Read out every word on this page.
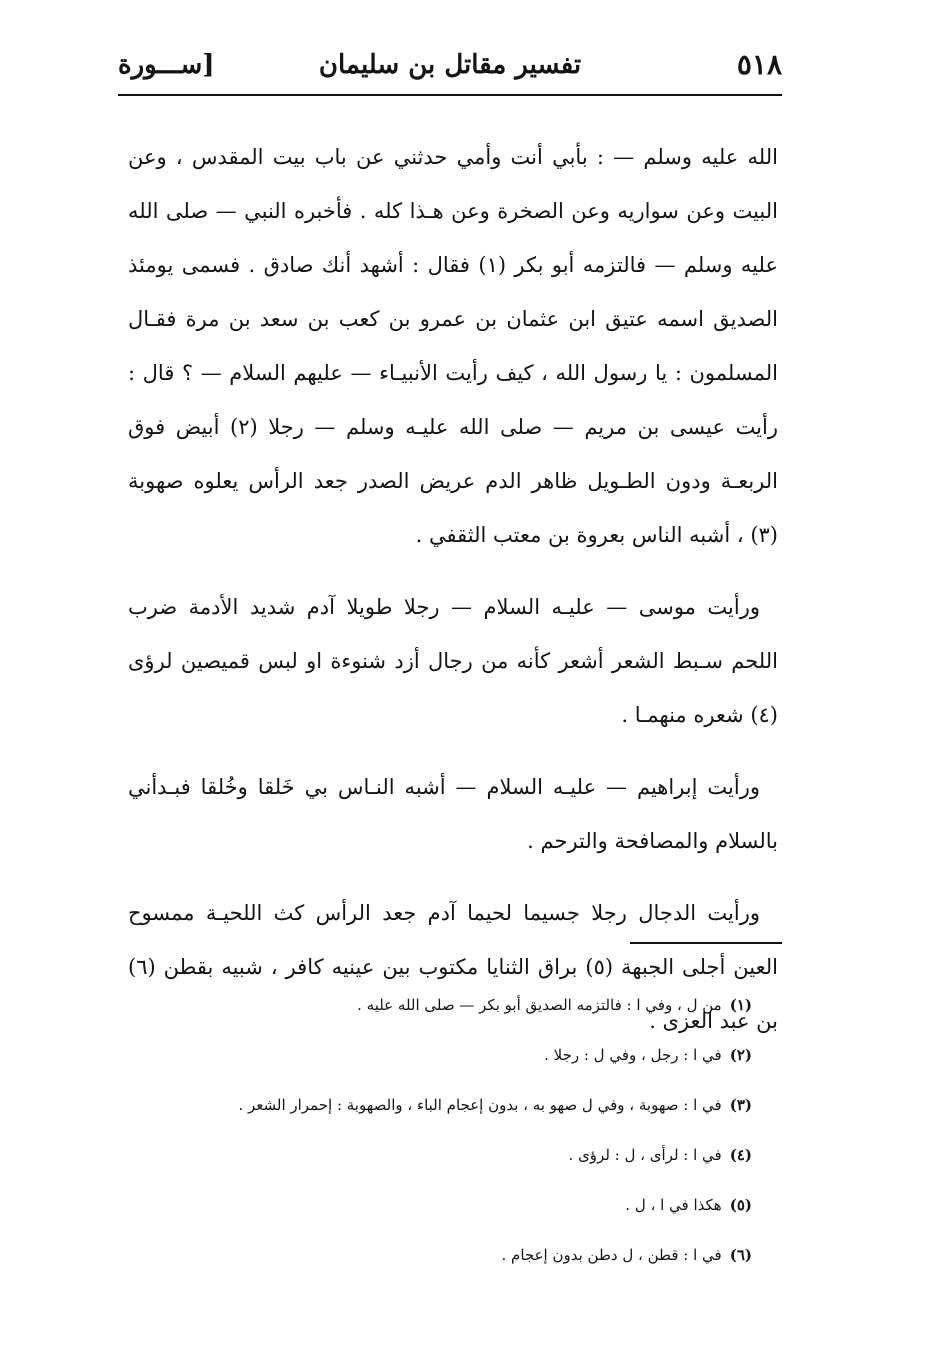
٥١٨
تفسير مقاتل بن سليمان
[ســـورة

الله عليه وسلم — : بأبي أنت وأمي حدثني عن باب بيت المقدس ، وعن البيت وعن سواريه وعن الصخرة وعن هـذا كله . فأخبره النبي — صلى الله عليه وسلم — فالتزمه أبو بكر (١) فقال : أشهد أنك صادق . فسمى يومئذ الصديق اسمه عتيق ابن عثمان بن عمرو بن كعب بن سعد بن مرة فقـال المسلمون : يا رسول الله ، كيف رأيت الأنبيـاء — عليهم السلام — ؟ قال : رأيت عيسى بن مريم — صلى الله عليـه وسلم — رجلا (٢) أبيض فوق الربعـة ودون الطـويل ظاهر الدم عريض الصدر جعد الرأس يعلوه صهوبة (٣) ، أشبه الناس بعروة بن معتب الثقفي .

ورأيت موسى — عليـه السلام — رجلا طويلا آدم شديد الأدمة ضرب اللحم سـبط الشعر أشعر كأنه من رجال أزد شنوءة او لبس قميصين لرؤى (٤) شعره منهمـا .

ورأيت إبراهيم — عليـه السلام — أشبه النـاس بي خَلقا وخُلقا فبـدأني بالسلام والمصافحة والترحم .

ورأيت الدجال رجلا جسيما لحيما آدم جعد الرأس كث اللحيـة ممسوح العين أجلى الجبهة (٥) براق الثنايا مكتوب بين عينيه كافر ، شبيه بقطن (٦) بن عبد العزى .

(١)من ل ، وفي ا : فالتزمه الصديق أبو بكر — صلى الله عليه .
(٢)في ا : رجل ، وفي ل : رجلا .
(٣)في ا : صهوبة ، وفي ل صهو به ، بدون إعجام الباء ، والصهوبة : إحمرار الشعر .
(٤)في ا : لرأى ، ل : لرؤى .
(٥)هكذا في ا ، ل .
(٦)في ا : قطن ، ل دطن بدون إعجام .
